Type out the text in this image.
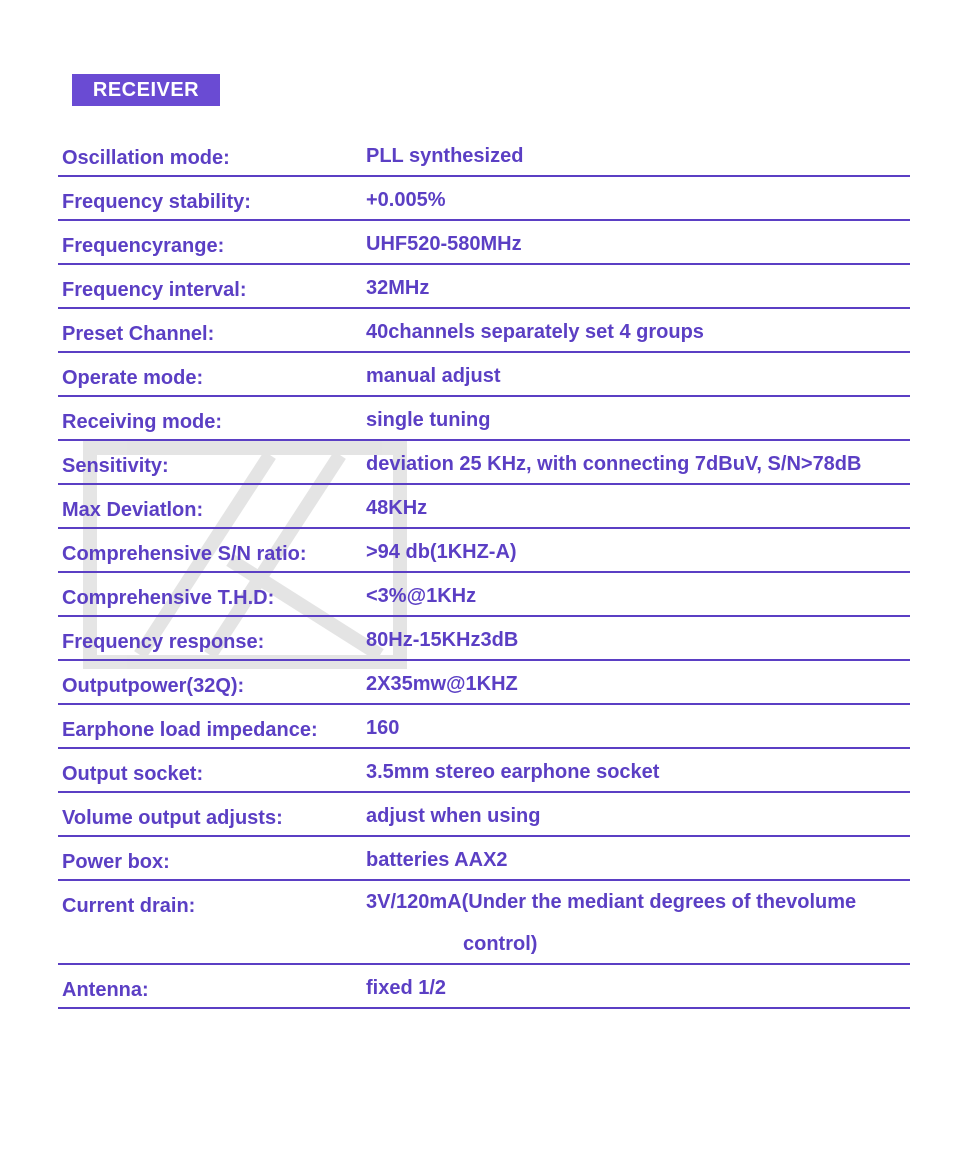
RECEIVER
Oscillation mode:	PLL synthesized
Frequency stability:	+0.005%
Frequencyrange:	UHF520-580MHz
Frequency interval:	32MHz
Preset Channel:	40channels separately set 4 groups
Operate mode:	manual adjust
Receiving mode:	single tuning
Sensitivity:	deviation 25 KHz, with connecting 7dBuV, S/N>78dB
Max Deviatlon:	48KHz
Comprehensive S/N ratio:	>94 db(1KHZ-A)
Comprehensive T.H.D:	<3%@1KHz
Frequency response:	80Hz-15KHz3dB
Outputpower(32Q):	2X35mw@1KHZ
Earphone load impedance: 160
Output socket:	3.5mm stereo earphone socket
Volume output adjusts:	adjust when using
Power box:	batteries AAX2
Current drain:	3V/120mA(Under the mediant degrees of thevolume
control)
Antenna:	fixed 1/2
